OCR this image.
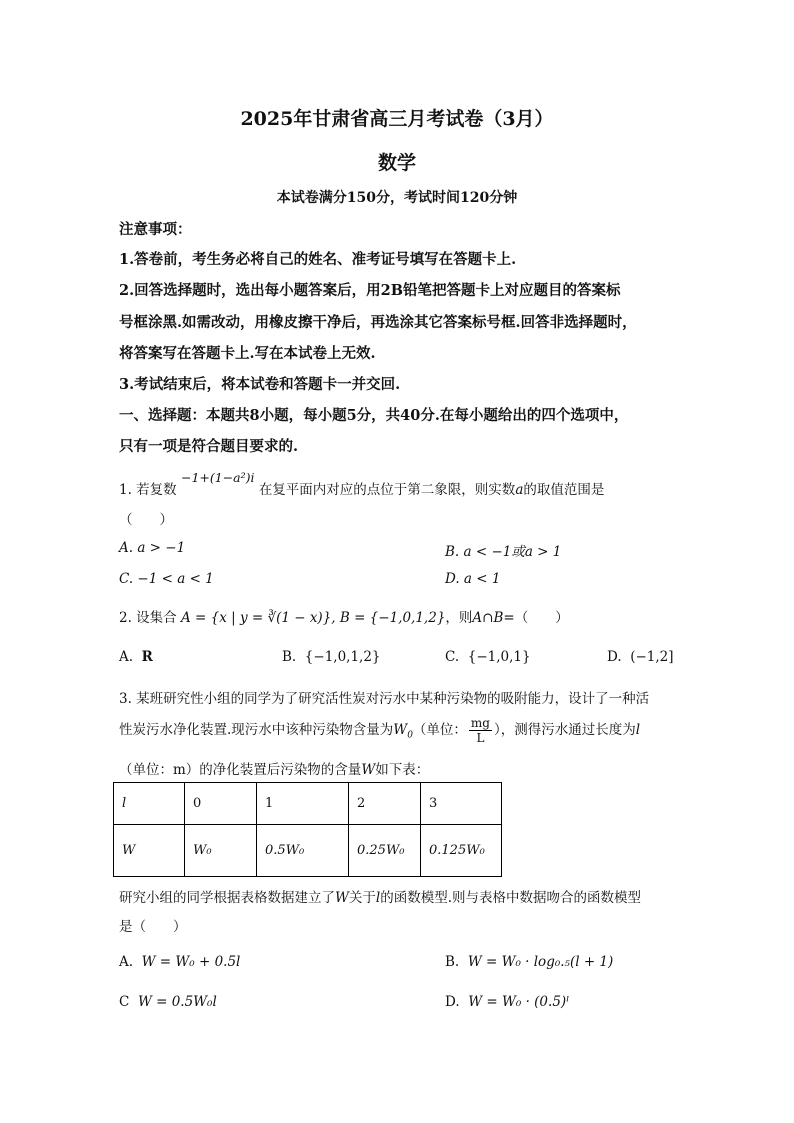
2025年甘肃省高三月考试卷（3月）
数学
本试卷满分150分，考试时间120分钟
注意事项：
1.答卷前，考生务必将自己的姓名、准考证号填写在答题卡上.
2.回答选择题时，选出每小题答案后，用2B铅笔把答题卡上对应题目的答案标
号框涂黑.如需改动，用橡皮擦干净后，再选涂其它答案标号框.回答非选择题时，
将答案写在答题卡上.写在本试卷上无效.
3.考试结束后，将本试卷和答题卡一并交回.
一、选择题：本题共8小题，每小题5分，共40分.在每小题给出的四个选项中，
只有一项是符合题目要求的.
1. 若复数 −1+(1−a²)i 在复平面内对应的点位于第二象限，则实数a的取值范围是
（　　）
A. a > −1	B. a < −1或a > 1
C. −1 < a < 1	D. a < 1
2. 设集合 A = {x | y = ∛(1 − x)}, B = {−1,0,1,2}，则A∩B=（　　）
A.  R	B.  {−1,0,1,2}	C.  {−1,0,1}	D.  (−1,2]
3. 某班研究性小组的同学为了研究活性炭对污水中某种污染物的吸附能力，设计了一种活
性炭污水净化装置.现污水中该种污染物含量为$W_0$（单位： $\frac{mg}{L}$ ），测得污水通过长度为l
（单位：m）的净化装置后污染物的含量W如下表：
l	0	1	2	3
W	W₀	0.5W₀	0.25W₀	0.125W₀
研究小组的同学根据表格数据建立了W关于l的函数模型.则与表格中数据吻合的函数模型
是（　　）
A. W = W₀ + 0.5l	B. W = W₀ · log₀.₅(l + 1)
C W = 0.5W₀l	D. W = W₀ · (0.5)ˡ
